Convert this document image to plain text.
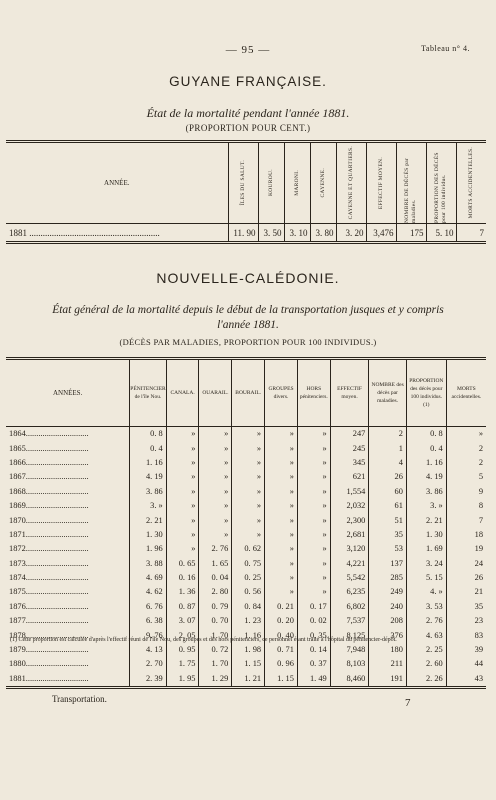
— 95 —	Tableau n° 4.
GUYANE FRANÇAISE.
État de la mortalité pendant l'année 1881.
(PROPORTION POUR CENT.)
ANNÉE.	ÎLES DU SALUT.	KOUROU.	MARONI.	CAYENNE.	CAYENNE ET QUARTIERS.	EFFECTIF MOYEN.	NOMBRE DE DÉCÈS par maladies.	PROPORTION DES DÉCÈS pour 100 individus.	MORTS ACCIDENTELLES.

1881 ..........................................................	11. 90	3. 50	3. 10	3. 80	3. 20	3,476	175	5. 10	7
NOUVELLE-CALÉDONIE.
État général de la mortalité depuis le début de la transportation jusques et y compris
l'année 1881.
(DÉCÈS PAR MALADIES, PROPORTION POUR 100 INDIVIDUS.)
ANNÉES.	PÉNITENCIER de l'île Nou.	CANALA.	OUARAIL.	BOURAIL.	GROUPES divers.	HORS pénitenciers.	EFFECTIF moyen.	NOMBRE des décès par maladies.	PROPORTION des décès pour 100 individus. (1)	MORTS accidentelles.
1864..............................	0. 8	»	»	»	»	»	247	2	0. 8	»
1865..............................	0. 4	»	»	»	»	»	245	1	0. 4	2
1866..............................	1. 16	»	»	»	»	»	345	4	1. 16	2
1867..............................	4. 19	»	»	»	»	»	621	26	4. 19	5
1868..............................	3. 86	»	»	»	»	»	1,554	60	3. 86	9
1869..............................	3. »	»	»	»	»	»	2,032	61	3. »	8
1870..............................	2. 21	»	»	»	»	»	2,300	51	2. 21	7
1871..............................	1. 30	»	»	»	»	»	2,681	35	1. 30	18
1872..............................	1. 96	»	2. 76	0. 62	»	»	3,120	53	1. 69	19
1873..............................	3. 88	0. 65	1. 65	0. 75	»	»	4,221	137	3. 24	24
1874..............................	4. 69	0. 16	0. 04	0. 25	»	»	5,542	285	5. 15	26
1875..............................	4. 62	1. 36	2. 80	0. 56	»	»	6,235	249	4. »	21
1876..............................	6. 76	0. 87	0. 79	0. 84	0. 21	0. 17	6,802	240	3. 53	35
1877..............................	6. 38	3. 07	0. 70	1. 23	0. 20	0. 02	7,537	208	2. 76	23
1878..............................	9. 76	2. 05	1. 70	1. 16	0. 40	0. 35	8,125	376	4. 63	83
1879..............................	4. 13	0. 95	0. 72	1. 98	0. 71	0. 14	7,948	180	2. 25	39
1880..............................	2. 70	1. 75	1. 70	1. 15	0. 96	0. 37	8,103	211	2. 60	44
1881..............................	2. 39	1. 95	1. 29	1. 21	1. 15	1. 49	8,460	191	2. 26	43
(1) Cette proportion est calculée d'après l'effectif réuni de l'île Nou, des groupes et des hors pénitenciers, ce personnel étant traité à l'hôpital du pénitencier-dépôt.
Transportation.	7
